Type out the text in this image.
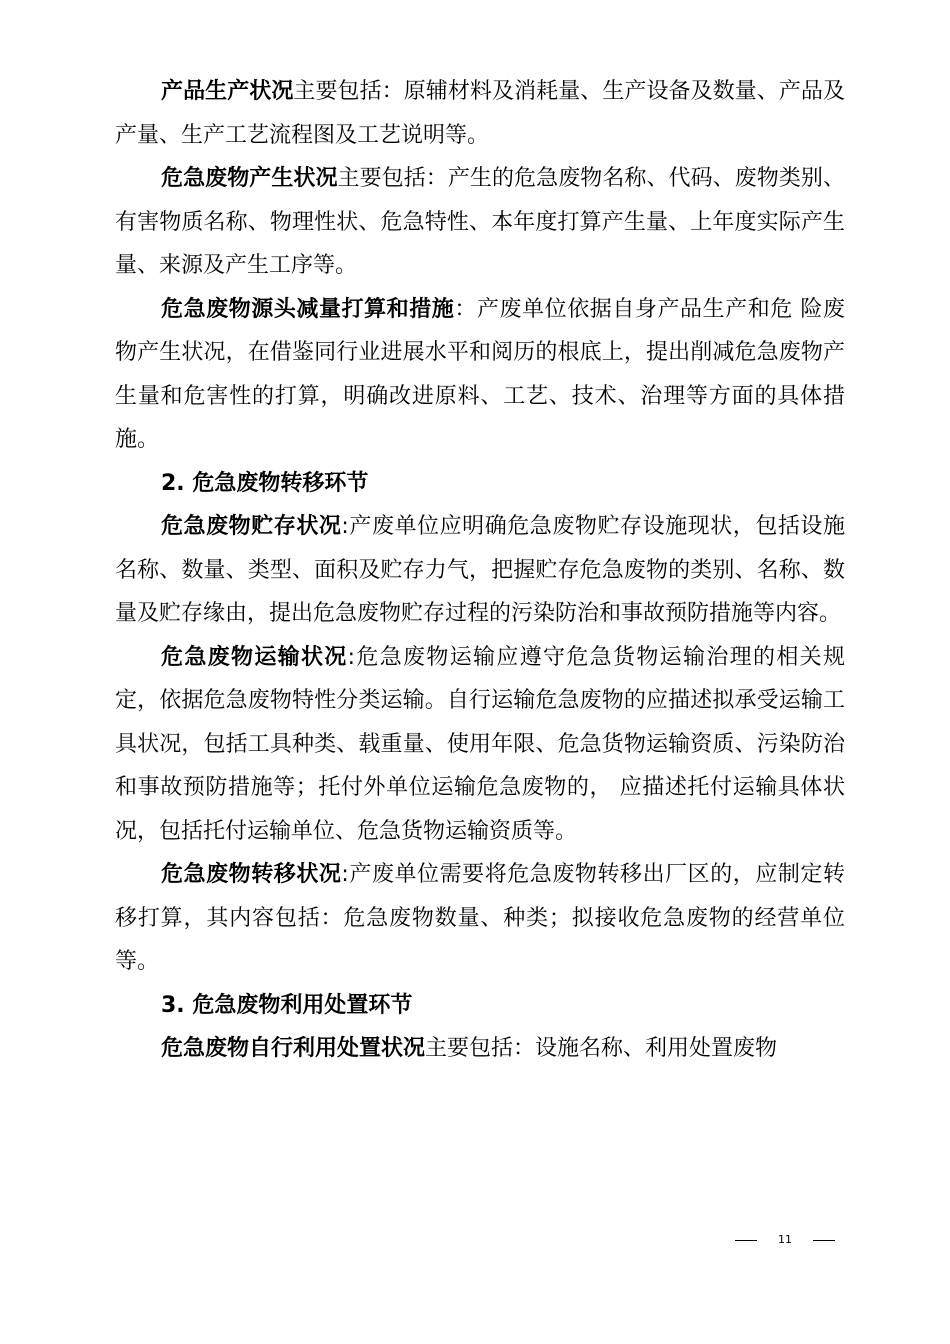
产品生产状况主要包括：原辅材料及消耗量、生产设备及数量、产品及产量、生产工艺流程图及工艺说明等。

危急废物产生状况主要包括：产生的危急废物名称、代码、废物类别、有害物质名称、物理性状、危急特性、本年度打算产生量、上年度实际产生量、来源及产生工序等。

危急废物源头减量打算和措施：产废单位依据自身产品生产和危 险废物产生状况，在借鉴同行业进展水平和阅历的根底上，提出削减危急废物产生量和危害性的打算，明确改进原料、工艺、技术、治理等方面的具体措施。

2. 危急废物转移环节

危急废物贮存状况:产废单位应明确危急废物贮存设施现状，包括设施名称、数量、类型、面积及贮存力气，把握贮存危急废物的类别、名称、数量及贮存缘由，提出危急废物贮存过程的污染防治和事故预防措施等内容。

危急废物运输状况:危急废物运输应遵守危急货物运输治理的相关规定，依据危急废物特性分类运输。自行运输危急废物的应描述拟承受运输工具状况，包括工具种类、载重量、使用年限、危急货物运输资质、污染防治和事故预防措施等；托付外单位运输危急废物的， 应描述托付运输具体状况，包括托付运输单位、危急货物运输资质等。

危急废物转移状况:产废单位需要将危急废物转移出厂区的，应制定转移打算，其内容包括：危急废物数量、种类；拟接收危急废物的经营单位等。

3. 危急废物利用处置环节

危急废物自行利用处置状况主要包括：设施名称、利用处置废物

11
